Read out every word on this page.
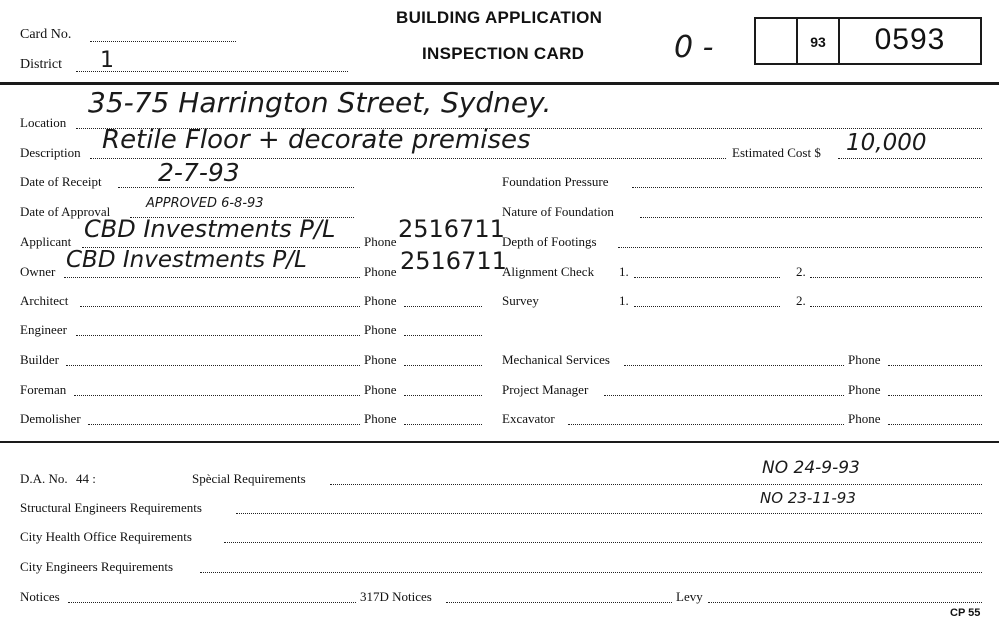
Card No.
District 1
BUILDING APPLICATION
INSPECTION CARD	0 -	93	0593
Location
35-75 Harrington Street, Sydney.
Description Retile Floor + decorate premises	Estimated Cost $ 10,000
Date of Receipt 2-7-93
Date of Approval
APPROVED 6-8-93
Applicant CBD Investments P/L Phone 2516711
Owner CBD Investments P/L	Phone 2516711
Architect	Phone
Engineer	Phone
Builder	Phone
Foreman	Phone
Demolisher	Phone
Foundation Pressure
Nature of Foundation
Depth of Footings
Alignment Check 1.	2.
Survey	1.	2.
Mechanical Services	Phone
Project Manager	Phone
Excavator	Phone
D.A. No. 44 :	Spècial Requirements
NO 24-9-93
Structural Engineers Requirements
NO 23-11-93
City Health Office Requirements
City Engineers Requirements
Notices	317D Notices	Levy
CP 55
